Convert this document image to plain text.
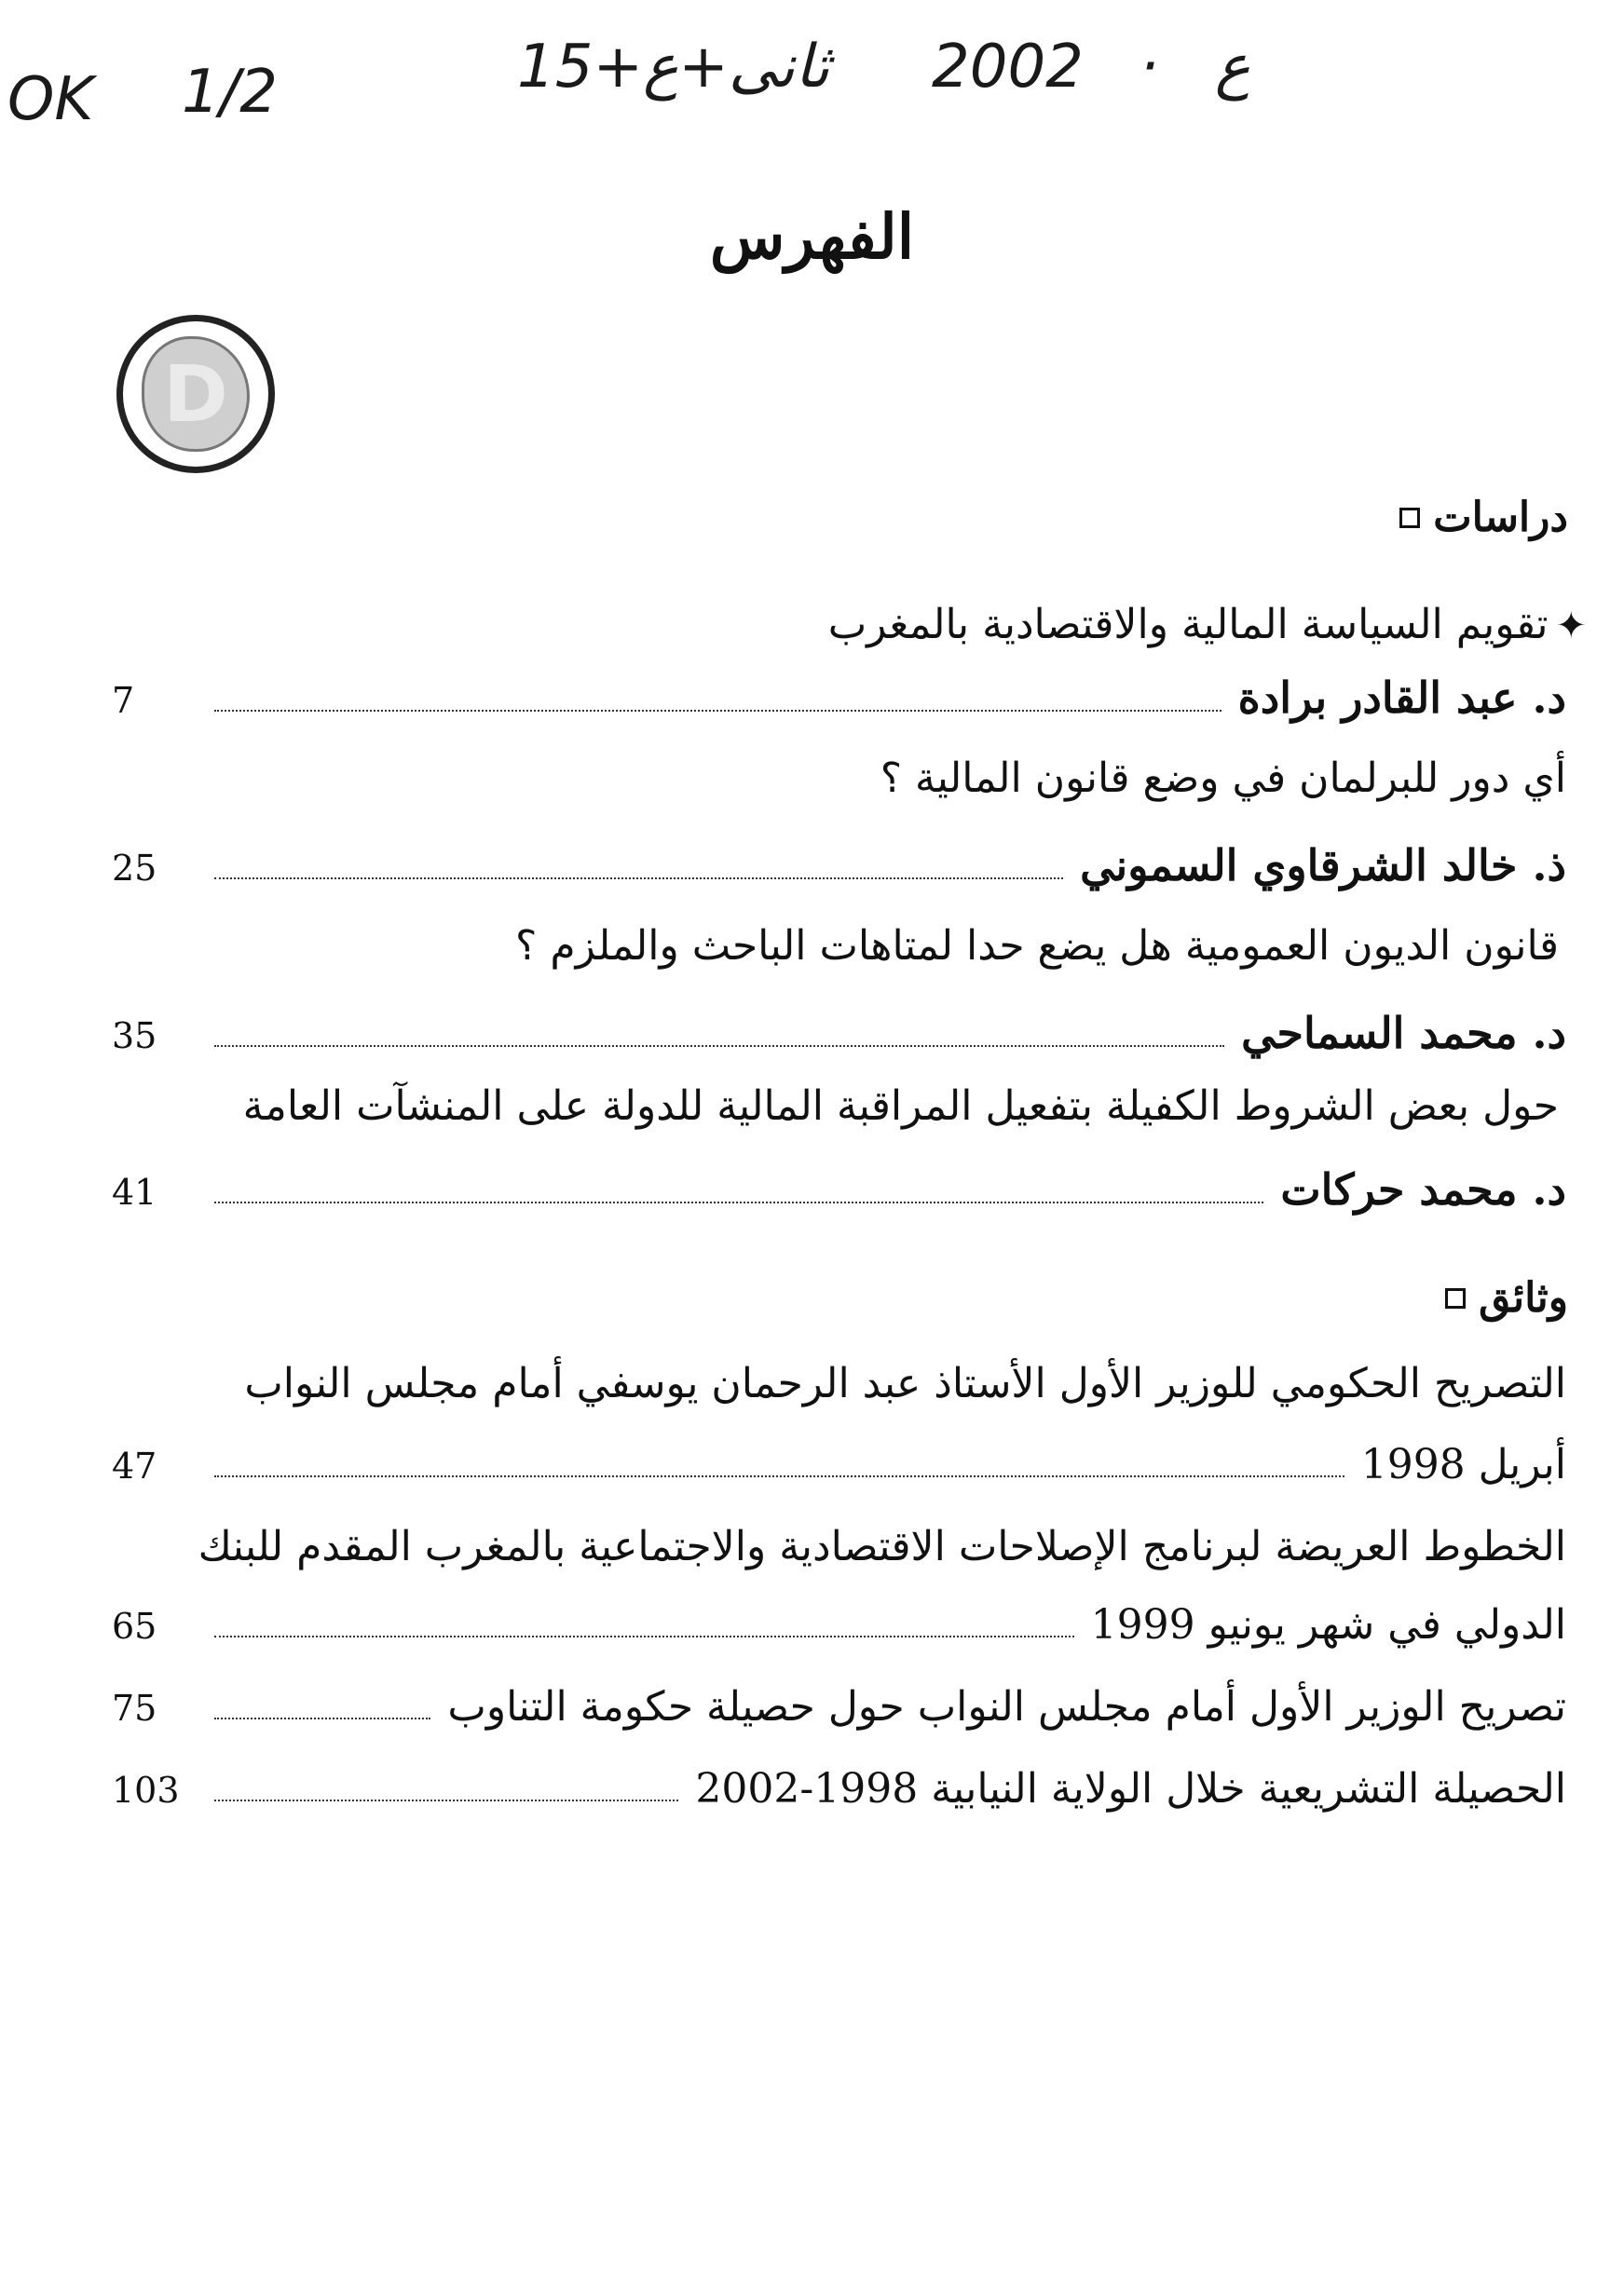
OK 1/2	ثانى+ع+15	ع · 2002
الفهرس
D
دراسات
✦تقويم السياسة المالية والاقتصادية بالمغرب
7	د. عبد القادر برادة
أي دور للبرلمان في وضع قانون المالية ؟
25	ذ. خالد الشرقاوي السموني
قانون الديون العمومية هل يضع حدا لمتاهات الباحث والملزم ؟
35	د. محمد السماحي
حول بعض الشروط الكفيلة بتفعيل المراقبة المالية للدولة على المنشآت العامة
41	د. محمد حركات
وثائق
التصريح الحكومي للوزير الأول الأستاذ عبد الرحمان يوسفي أمام مجلس النواب
47	أبريل 1998
الخطوط العريضة لبرنامج الإصلاحات الاقتصادية والاجتماعية بالمغرب المقدم للبنك
65	الدولي في شهر يونيو 1999
75	تصريح الوزير الأول أمام مجلس النواب حول حصيلة حكومة التناوب
103	الحصيلة التشريعية خلال الولاية النيابية 1998-2002
